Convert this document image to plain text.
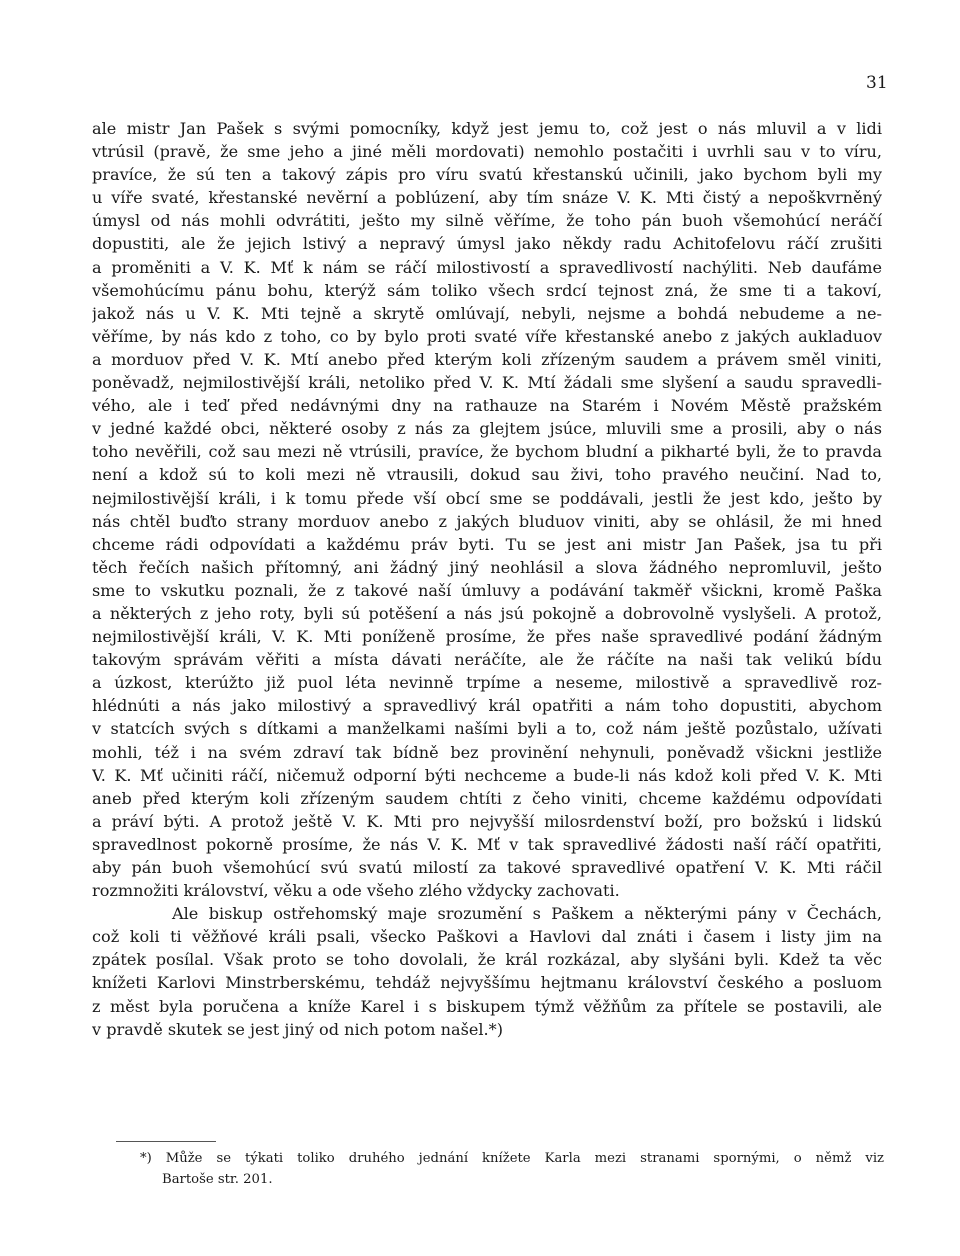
31
ale mistr Jan Pašek s svými pomocníky, když jest jemu to, což jest o nás mluvil a v lidi
vtrúsil (pravě, že sme jeho a jiné měli mordovati) nemohlo postačiti i uvrhli sau v to víru,
pravíce, že sú ten a takový zápis pro víru svatú křestanskú učinili, jako bychom byli my
u víře svaté, křestanské nevěrní a poblúzení, aby tím snáze V. K. Mti čistý a nepoškvrněný
úmysl od nás mohli odvrátiti, ješto my silně věříme, že toho pán buoh všemohúcí neráčí
dopustiti, ale že jejich lstivý a nepravý úmysl jako někdy radu Achitofelovu ráčí zrušiti
a proměniti a V. K. Mť k nám se ráčí milostivostí a spravedlivostí nachýliti. Neb daufáme
všemohúcímu pánu bohu, kterýž sám toliko všech srdcí tejnost zná, že sme ti a takoví,
jakož nás u V. K. Mti tejně a skrytě omlúvají, nebyli, nejsme a bohdá nebudeme a ne-
věříme, by nás kdo z toho, co by bylo proti svaté víře křestanské anebo z jakých aukladuov
a morduov před V. K. Mtí anebo před kterým koli zřízeným saudem a právem směl viniti,
poněvadž, nejmilostivější králi, netoliko před V. K. Mtí žádali sme slyšení a saudu spravedli-
vého, ale i teď před nedávnými dny na rathauze na Starém i Novém Městě pražském
v jedné každé obci, některé osoby z nás za glejtem jsúce, mluvili sme a prosili, aby o nás
toho nevěřili, což sau mezi ně vtrúsili, pravíce, že bychom bludní a pikharté byli, že to pravda
není a kdož sú to koli mezi ně vtrausili, dokud sau živi, toho pravého neučiní. Nad to,
nejmilostivější králi, i k tomu přede vší obcí sme se poddávali, jestli že jest kdo, ješto by
nás chtěl buďto strany morduov anebo z jakých bluduov viniti, aby se ohlásil, že mi hned
chceme rádi odpovídati a každému práv byti. Tu se jest ani mistr Jan Pašek, jsa tu při
těch řečích našich přítomný, ani žádný jiný neohlásil a slova žádného nepromluvil, ješto
sme to vskutku poznali, že z takové naší úmluvy a podávání takměř všickni, kromě Paška
a některých z jeho roty, byli sú potěšení a nás jsú pokojně a dobrovolně vyslyšeli. A protož,
nejmilostivější králi, V. K. Mti poníženě prosíme, že přes naše spravedlivé podání žádným
takovým správám věřiti a místa dávati neráčíte, ale že ráčíte na naši tak velikú bídu
a úzkost, kterúžto již puol léta nevinně trpíme a neseme, milostivě a spravedlivě roz-
hlédnúti a nás jako milostivý a spravedlivý král opatřiti a nám toho dopustiti, abychom
v statcích svých s dítkami a manželkami našími byli a to, což nám ještě pozůstalo, užívati
mohli, též i na svém zdraví tak bídně bez provinění nehynuli, poněvadž všickni jestliže
V. K. Mť učiniti ráčí, ničemuž odporní býti nechceme a bude-li nás kdož koli před V. K. Mti
aneb před kterým koli zřízeným saudem chtíti z čeho viniti, chceme každému odpovídati
a práví býti. A protož ještě V. K. Mti pro nejvyšší milosrdenství boží, pro božskú i lidskú
spravedlnost pokorně prosíme, že nás V. K. Mť v tak spravedlivé žádosti naší ráčí opatřiti,
aby pán buoh všemohúcí svú svatú milostí za takové spravedlivé opatření V. K. Mti ráčil
rozmnožiti království, věku a ode všeho zlého vždycky zachovati.
Ale biskup ostřehomský maje srozumění s Paškem a některými pány v Čechách,
což koli ti věžňové králi psali, všecko Paškovi a Havlovi dal znáti i časem i listy jim na
zpátek posílal. Však proto se toho dovolali, že král rozkázal, aby slyšáni byli. Kdež ta věc
knížeti Karlovi Minstrberskému, tehdáž nejvyššímu hejtmanu království českého a posluom
z měst byla poručena a kníže Karel i s biskupem týmž věžňům za přítele se postavili, ale
v pravdě skutek se jest jiný od nich potom našel.*)
*) Může se týkati toliko druhého jednání knížete Karla mezi stranami spornými, o němž viz
Bartoše str. 201.
